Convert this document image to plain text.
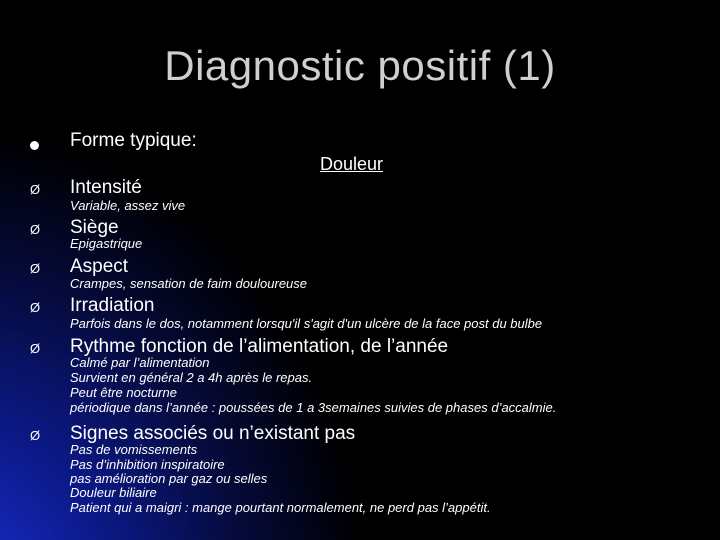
Diagnostic positif (1)
Forme typique:
Douleur
Ø Intensité
Variable, assez vive
Ø Siège
Epigastrique
Ø Aspect
Crampes, sensation de faim douloureuse
Ø Irradiation
Parfois dans le dos, notamment lorsqu'il s'agit d'un ulcère de la face post du bulbe
Ø Rythme fonction de l’alimentation, de l’année
Calmé par l’alimentation
Survient en général 2 a 4h après le repas.
Peut être nocturne
périodique dans l’année : poussées de 1 a 3semaines suivies de phases d’accalmie.
Ø Signes associés ou n’existant pas
Pas de vomissements
Pas d’inhibition inspiratoire
pas amélioration par gaz ou selles
Douleur biliaire
Patient qui a maigri : mange pourtant normalement, ne perd pas l’appétit.
